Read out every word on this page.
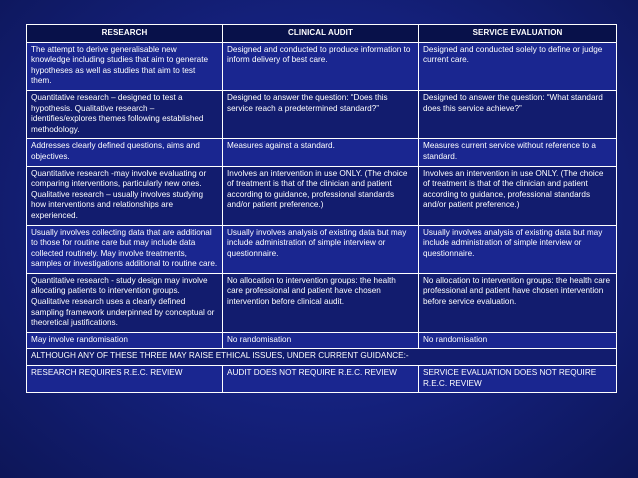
RESEARCH	CLINICAL AUDIT	SERVICE EVALUATION
The attempt to derive generalisable new knowledge including studies that aim to generate hypotheses as well as studies that aim to test them.	Designed and conducted to produce information to inform delivery of best care.	Designed and conducted solely to define or judge current care.
Quantitative research – designed to test a hypothesis. Qualitative research – identifies/explores themes following established methodology.	Designed to answer the question: “Does this service reach a predetermined standard?”	Designed to answer the question: “What standard does this service achieve?”
Addresses clearly defined questions, aims and objectives.	Measures against a standard.	Measures current service without reference to a standard.
Quantitative research -may involve evaluating or comparing interventions, particularly new ones. Qualitative research – usually involves studying how interventions and relationships are experienced.	Involves an intervention in use ONLY. (The choice of treatment is that of the clinician and patient according to guidance, professional standards and/or patient preference.)	Involves an intervention in use ONLY. (The choice of treatment is that of the clinician and patient according to guidance, professional standards and/or patient preference.)
Usually involves collecting data that are additional to those for routine care but may include data collected routinely. May involve treatments, samples or investigations additional to routine care.	Usually involves analysis of existing data but may include administration of simple interview or questionnaire.	Usually involves analysis of existing data but may include administration of simple interview or questionnaire.
Quantitative research - study design may involve allocating patients to intervention groups. Qualitative research uses a clearly defined sampling framework underpinned by conceptual or theoretical justifications.	No allocation to intervention groups: the health care professional and patient have chosen intervention before clinical audit.	No allocation to intervention groups: the health care professional and patient have chosen intervention before service evaluation.
May involve randomisation	No randomisation	No randomisation
ALTHOUGH ANY OF THESE THREE MAY RAISE ETHICAL ISSUES, UNDER CURRENT GUIDANCE:-		
RESEARCH REQUIRES R.E.C. REVIEW	AUDIT DOES NOT REQUIRE R.E.C. REVIEW	SERVICE EVALUATION DOES NOT REQUIRE R.E.C. REVIEW
